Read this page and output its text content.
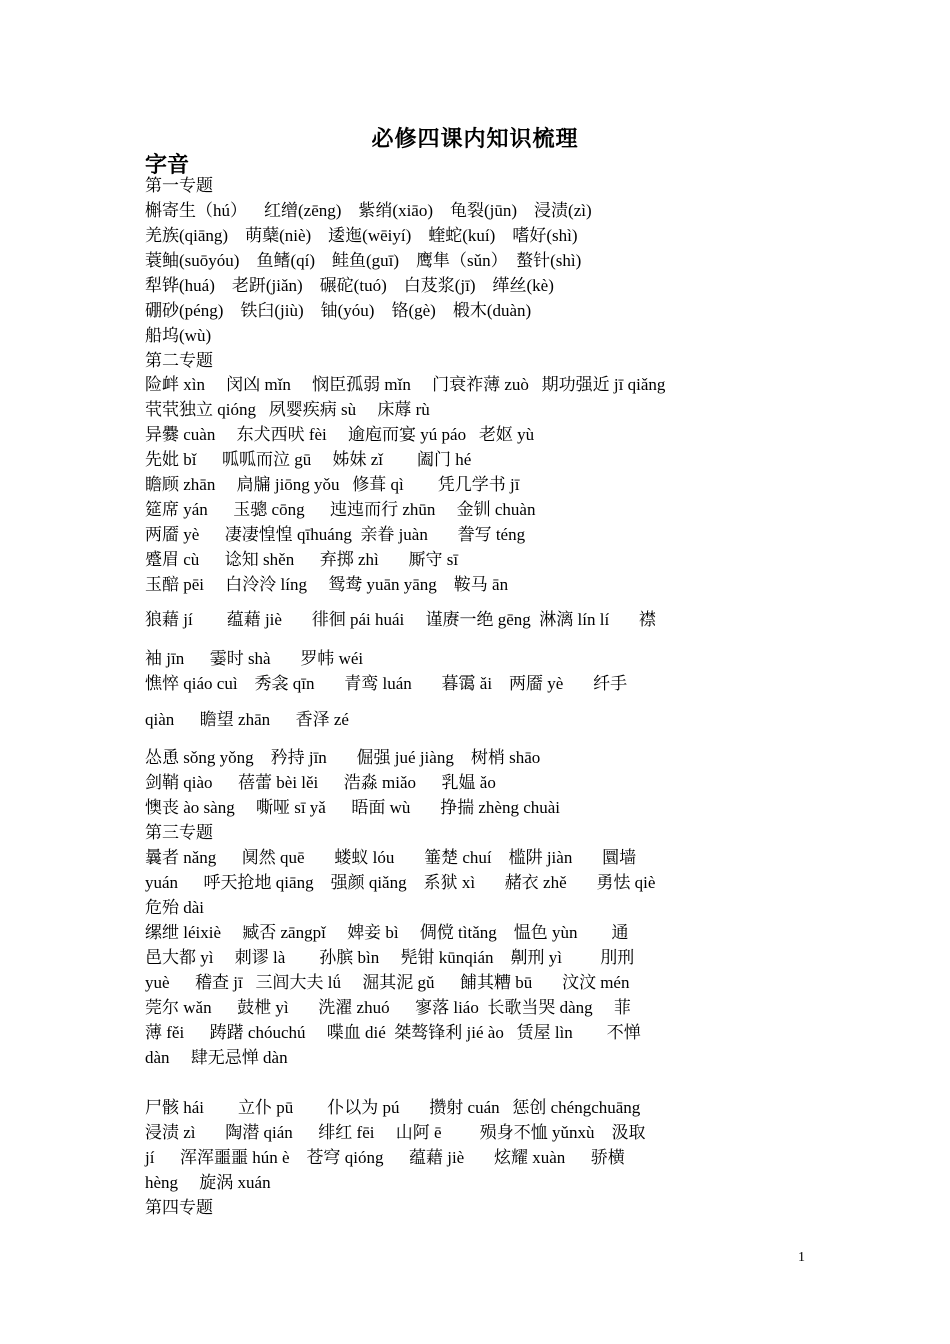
必修四课内知识梳理
字音
第一专题
槲寄生（hú）    红缯(zēng)    紫绡(xiāo)    龟裂(jūn)    浸渍(zì)
羌族(qiāng)    萌蘖(niè)    逶迤(wēiyí)    蝰蛇(kuí)    嗜好(shì)
蓑鲉(suōyóu)    鱼鳍(qí)    鲑鱼(guī)    鹰隼（sǔn）  螯针(shì)
犁铧(huá)    老趼(jiǎn)    碾砣(tuó)    白芨浆(jī)    缂丝(kè)
硼砂(péng)    铁臼(jiù)    铀(yóu)    铬(gè)    椴木(duàn)
船坞(wù)
第二专题
险衅 xìn     闵凶 mǐn     悯臣孤弱 mǐn     门衰祚薄 zuò   期功强近 jī qiǎng
茕茕独立 qióng   夙婴疾病 sù     床蓐 rù
异爨 cuàn     东犬西吠 fèi     逾庖而宴 yú páo   老妪 yù
先妣 bǐ      呱呱而泣 gū     姊妹 zǐ        阖门 hé
瞻顾 zhān     扃牖 jiōng yǒu   修葺 qì        凭几学书 jī
筵席 yán      玉骢 cōng      迍迍而行 zhūn     金钏 chuàn
两靥 yè      凄凄惶惶 qīhuáng  亲眷 juàn       誊写 téng
蹙眉 cù      谂知 shěn      弃掷 zhì       厮守 sī
玉醅 pēi     白泠泠 líng     鸳鸯 yuān yāng    鞍马 ān
狼藉 jí        蕴藉 jiè       徘徊 pái huái     谨赓一绝 gēng  淋漓 lín lí       襟
袖 jīn      霎时 shà       罗帏 wéi
憔悴 qiáo cuì    秀衾 qīn       青鸾 luán       暮霭 ǎi    两靥 yè       纤手
qiàn      瞻望 zhān      香泽 zé
怂恿 sǒng yǒng    矜持 jīn       倔强 jué jiàng    树梢 shāo
剑鞘 qiào      蓓蕾 bèi lěi      浩淼 miǎo      乳媪 ǎo
懊丧 ào sàng     嘶哑 sī yǎ      晤面 wù       挣揣 zhèng chuài
第三专题
曩者 nǎng      阒然 quē       蝼蚁 lóu       箠楚 chuí    槛阱 jiàn       圜墙
yuán      呼天抢地 qiāng    强颜 qiǎng    系狱 xì       赭衣 zhě       勇怯 qiè
危殆 dài
缧绁 léixiè     臧否 zāngpǐ     婢妾 bì     倜傥 tìtǎng    愠色 yùn        通
邑大都 yì     刺谬 là        孙膑 bìn     髡钳 kūnqián    劓刑 yì         刖刑
yuè      稽查 jī   三闾大夫 lǘ     淈其泥 gǔ      餔其糟 bū       汶汶 mén
莞尔 wǎn      鼓枻 yì       洗濯 zhuó      寥落 liáo  长歌当哭 dàng     菲
薄 fěi      踌躇 chóuchú     喋血 dié  桀骜锋利 jié ào   赁屋 lìn        不惮
dàn     肆无忌惮 dàn
尸骸 hái        立仆 pū        仆以为 pú       攒射 cuán   惩创 chéngchuāng
浸渍 zì       陶潜 qián      绯红 fēi     山阿 ē         殒身不恤 yǔnxù    汲取
jí      浑浑噩噩 hún è    苍穹 qióng      蕴藉 jiè       炫耀 xuàn      骄横
hèng     旋涡 xuán
第四专题
1
